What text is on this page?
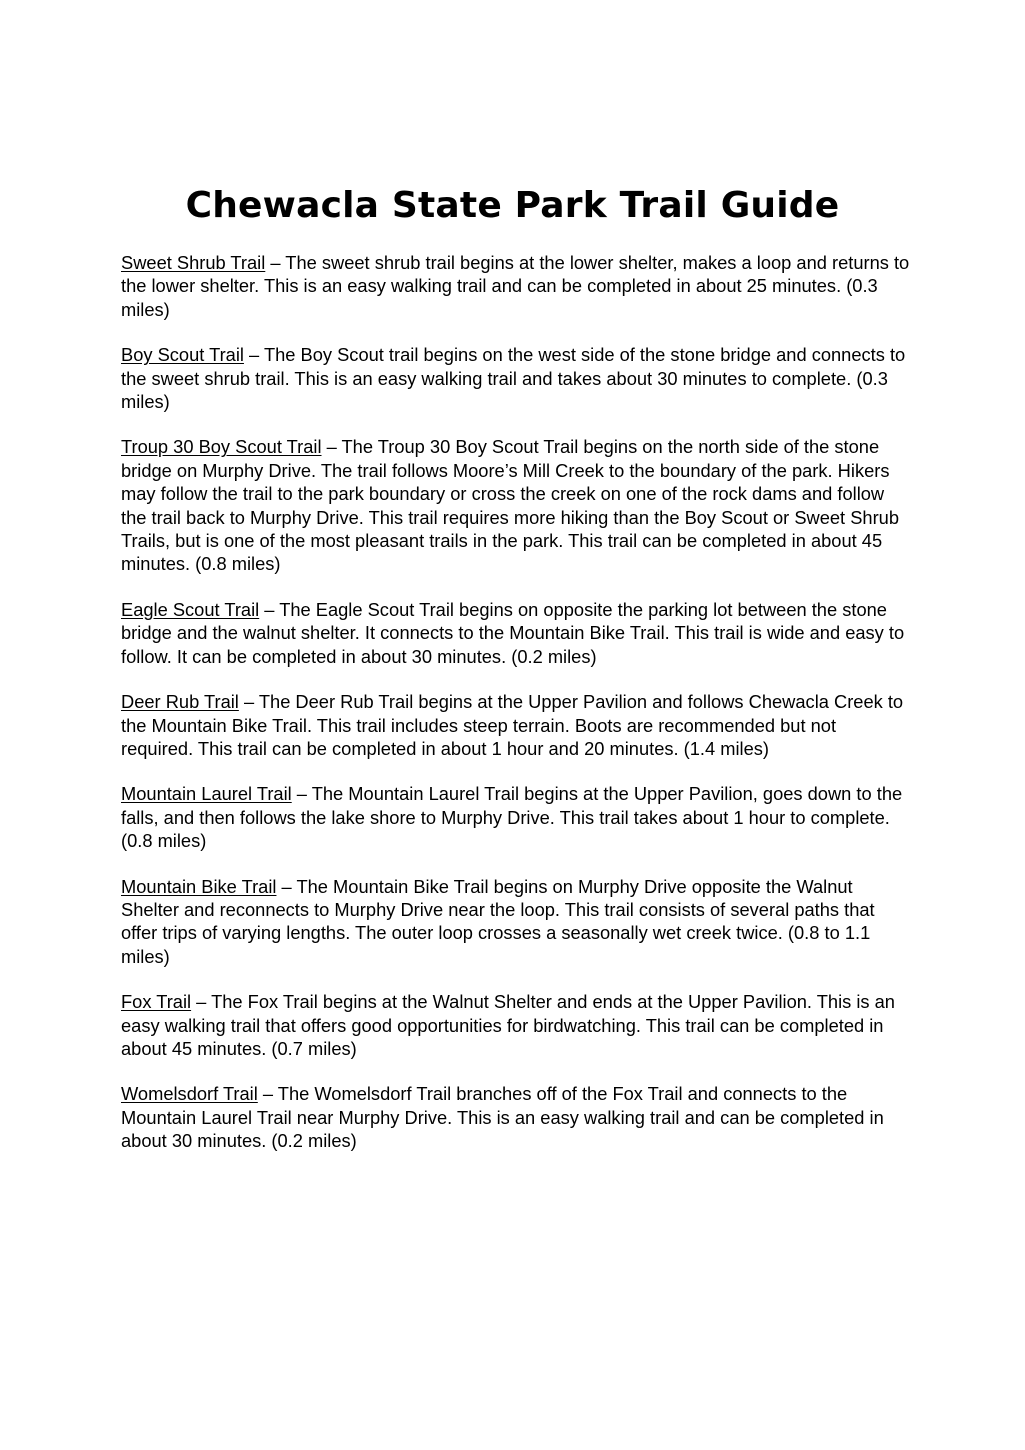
Chewacla State Park Trail Guide

Sweet Shrub Trail – The sweet shrub trail begins at the lower shelter, makes a loop and returns to the lower shelter. This is an easy walking trail and can be completed in about 25 minutes. (0.3 miles)

Boy Scout Trail – The Boy Scout trail begins on the west side of the stone bridge and connects to the sweet shrub trail. This is an easy walking trail and takes about 30 minutes to complete. (0.3 miles)

Troup 30 Boy Scout Trail – The Troup 30 Boy Scout Trail begins on the north side of the stone bridge on Murphy Drive. The trail follows Moore’s Mill Creek to the boundary of the park. Hikers may follow the trail to the park boundary or cross the creek on one of the rock dams and follow the trail back to Murphy Drive. This trail requires more hiking than the Boy Scout or Sweet Shrub Trails, but is one of the most pleasant trails in the park. This trail can be completed in about 45 minutes. (0.8 miles)

Eagle Scout Trail – The Eagle Scout Trail begins on opposite the parking lot between the stone bridge and the walnut shelter. It connects to the Mountain Bike Trail. This trail is wide and easy to follow. It can be completed in about 30 minutes. (0.2 miles)

Deer Rub Trail – The Deer Rub Trail begins at the Upper Pavilion and follows Chewacla Creek to the Mountain Bike Trail. This trail includes steep terrain. Boots are recommended but not required. This trail can be completed in about 1 hour and 20 minutes. (1.4 miles)

Mountain Laurel Trail – The Mountain Laurel Trail begins at the Upper Pavilion, goes down to the falls, and then follows the lake shore to Murphy Drive. This trail takes about 1 hour to complete. (0.8 miles)

Mountain Bike Trail – The Mountain Bike Trail begins on Murphy Drive opposite the Walnut Shelter and reconnects to Murphy Drive near the loop. This trail consists of several paths that offer trips of varying lengths. The outer loop crosses a seasonally wet creek twice. (0.8 to 1.1 miles)

Fox Trail – The Fox Trail begins at the Walnut Shelter and ends at the Upper Pavilion. This is an easy walking trail that offers good opportunities for birdwatching. This trail can be completed in about 45 minutes. (0.7 miles)

Womelsdorf Trail – The Womelsdorf Trail branches off of the Fox Trail and connects to the Mountain Laurel Trail near Murphy Drive. This is an easy walking trail and can be completed in about 30 minutes. (0.2 miles)
